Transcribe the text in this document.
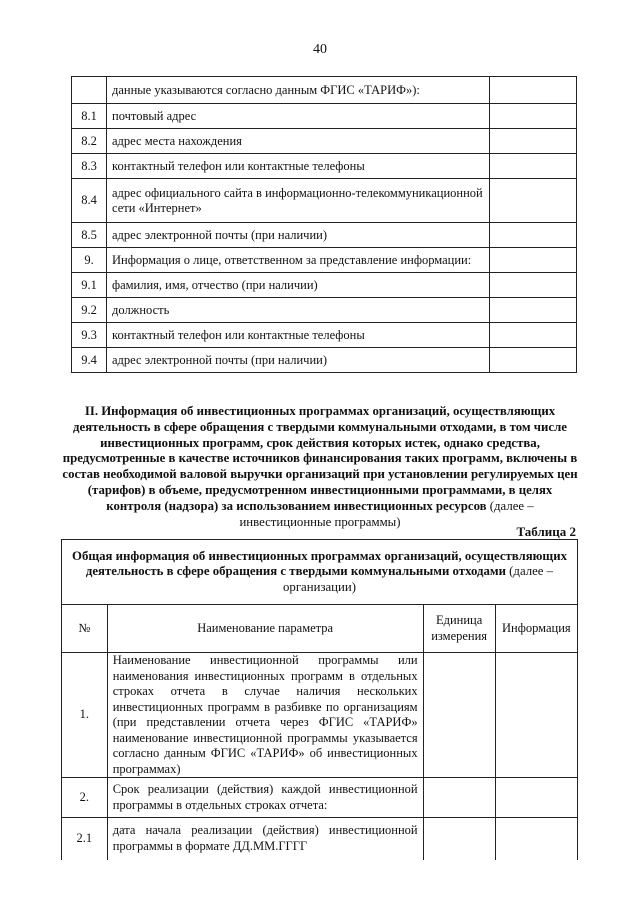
40
	данные указываются согласно данным ФГИС «ТАРИФ»):	
8.1	почтовый адрес	
8.2	адрес места нахождения	
8.3	контактный телефон или контактные телефоны	
8.4	адрес официального сайта в информационно-телекоммуникационной сети «Интернет»	
8.5	адрес электронной почты (при наличии)	
9.	Информация о лице, ответственном за представление информации:	
9.1	фамилия, имя, отчество (при наличии)	
9.2	должность	
9.3	контактный телефон или контактные телефоны	
9.4	адрес электронной почты (при наличии)	
II. Информация об инвестиционных программах организаций, осуществляющих деятельность в сфере обращения с твердыми коммунальными отходами, в том числе инвестиционных программ, срок действия которых истек, однако средства, предусмотренные в качестве источников финансирования таких программ, включены в состав необходимой валовой выручки организаций при установлении регулируемых цен (тарифов) в объеме, предусмотренном инвестиционными программами, в целях контроля (надзора) за использованием инвестиционных ресурсов (далее – инвестиционные программы)
Таблица 2
Общая информация об инвестиционных программах организаций, осуществляющих деятельность в сфере обращения с твердыми коммунальными отходами (далее – организации)			
№	Наименование параметра	Единица измерения	Информация
1.	Наименование инвестиционной программы или наименования инвестиционных программ в отдельных строках отчета в случае наличия нескольких инвестиционных программ в разбивке по организациям (при представлении отчета через ФГИС «ТАРИФ» наименование инвестиционной программы указывается согласно данным ФГИС «ТАРИФ» об инвестиционных программах)		
2.	Срок реализации (действия) каждой инвестиционной программы в отдельных строках отчета:		
2.1	дата начала реализации (действия) инвестиционной программы в формате ДД.ММ.ГГГГ		
